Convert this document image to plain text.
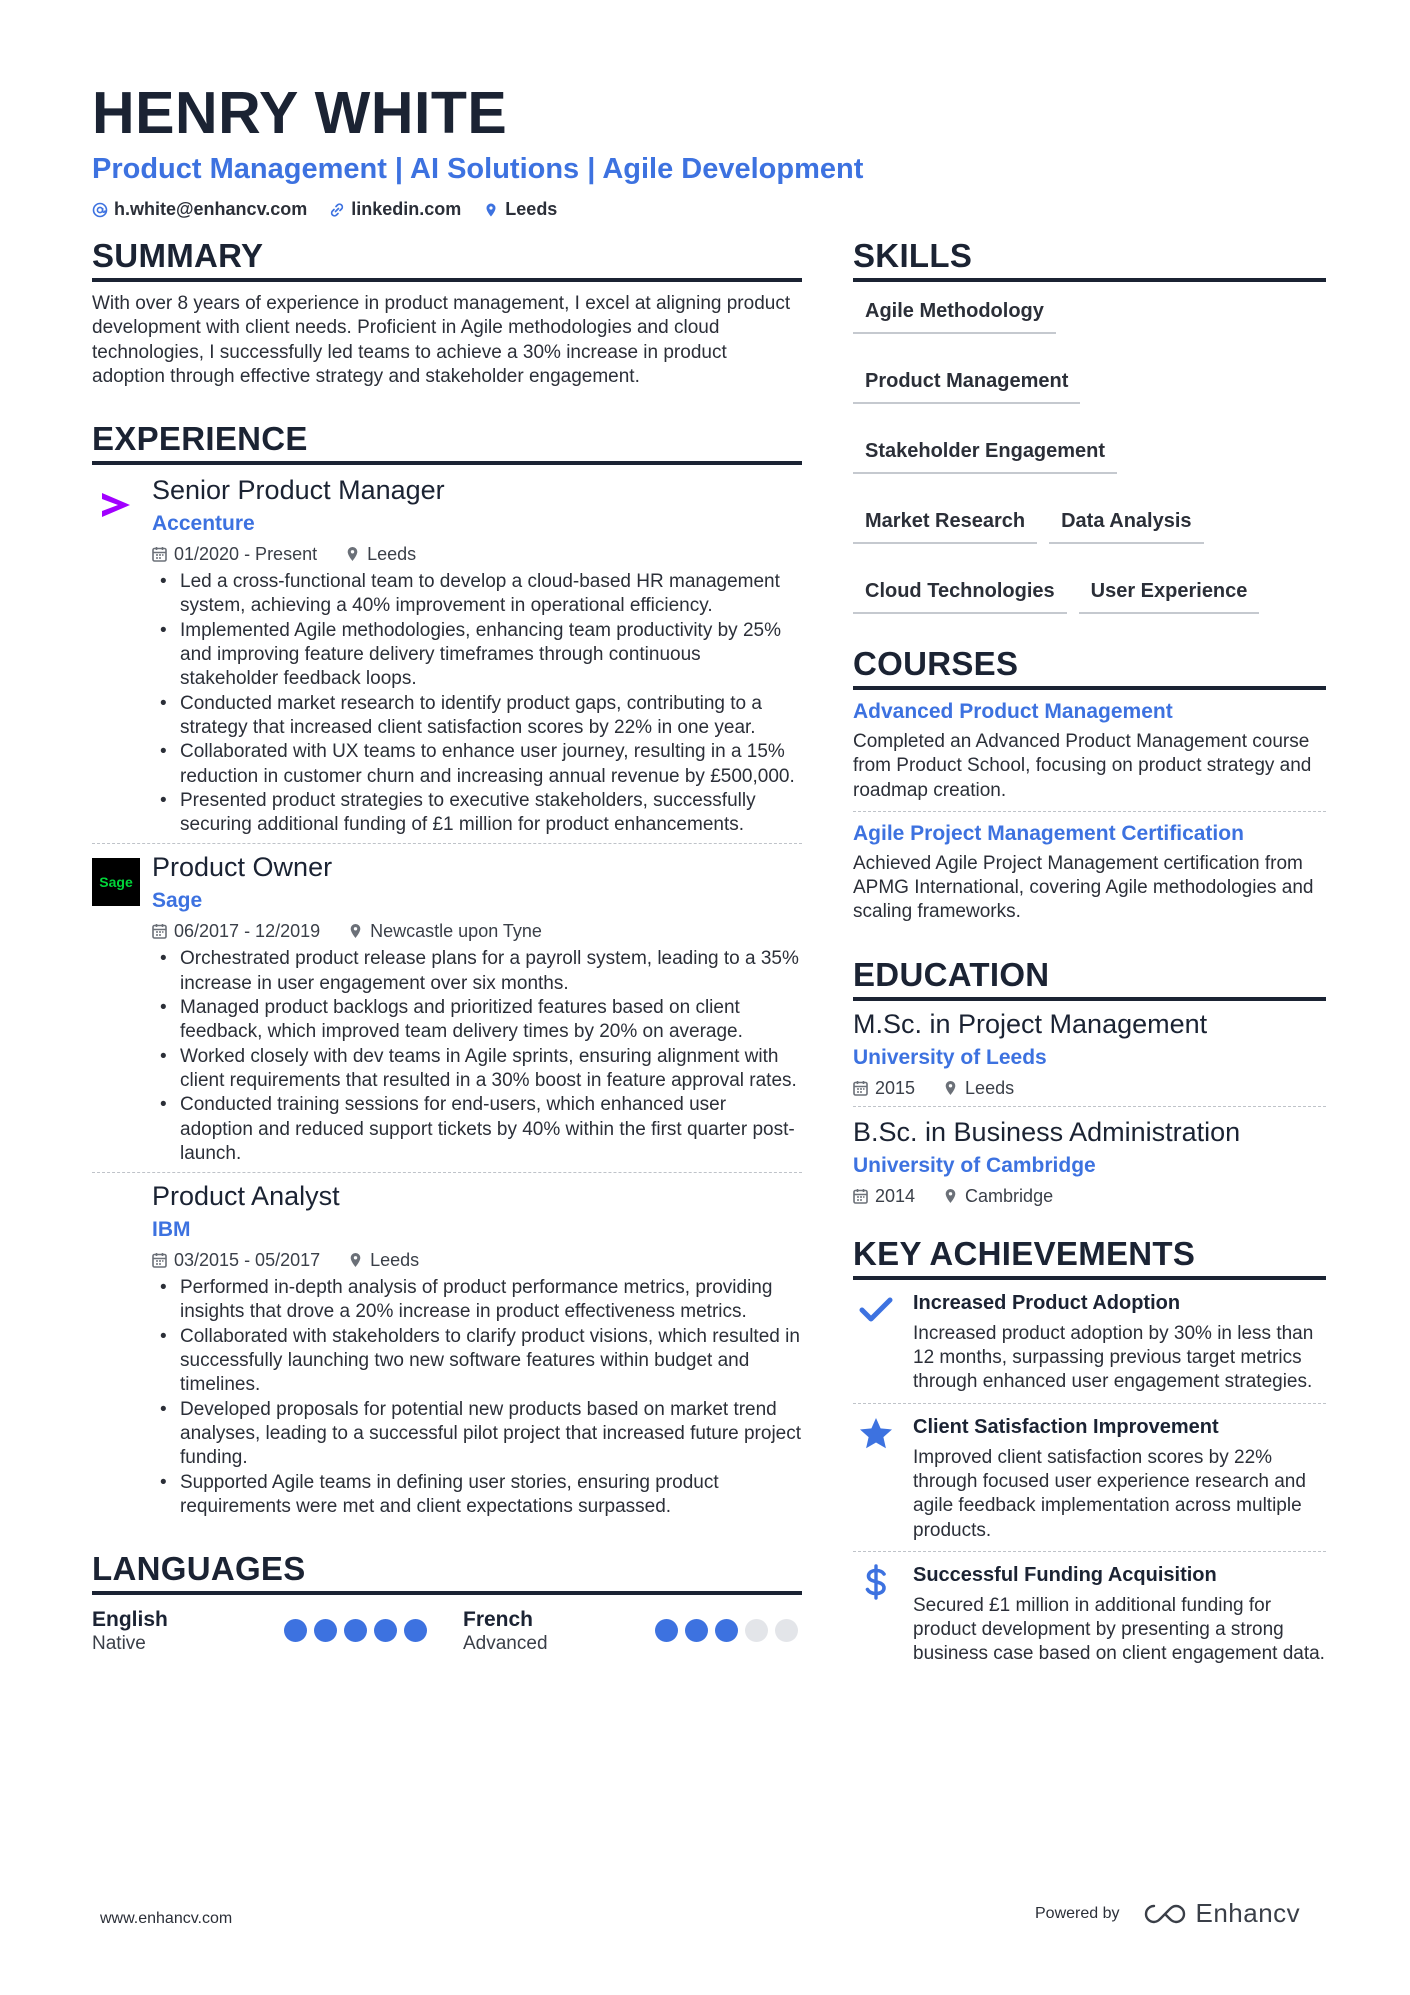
HENRY WHITE
Product Management | AI Solutions | Agile Development
h.white@enhancv.com linkedin.com Leeds
SUMMARY
With over 8 years of experience in product management, I excel at aligning product development with client needs. Proficient in Agile methodologies and cloud technologies, I successfully led teams to achieve a 30% increase in product adoption through effective strategy and stakeholder engagement.
EXPERIENCE
Senior Product Manager
Accenture
01/2020 - Present	Leeds
• Led a cross-functional team to develop a cloud-based HR management system, achieving a 40% improvement in operational efficiency.
• Implemented Agile methodologies, enhancing team productivity by 25% and improving feature delivery timeframes through continuous stakeholder feedback loops.
• Conducted market research to identify product gaps, contributing to a strategy that increased client satisfaction scores by 22% in one year.
• Collaborated with UX teams to enhance user journey, resulting in a 15% reduction in customer churn and increasing annual revenue by £500,000.
• Presented product strategies to executive stakeholders, successfully securing additional funding of £1 million for product enhancements.
Sage Product Owner
Sage
06/2017 - 12/2019	Newcastle upon Tyne
• Orchestrated product release plans for a payroll system, leading to a 35% increase in user engagement over six months.
• Managed product backlogs and prioritized features based on client feedback, which improved team delivery times by 20% on average.
• Worked closely with dev teams in Agile sprints, ensuring alignment with client requirements that resulted in a 30% boost in feature approval rates.
• Conducted training sessions for end-users, which enhanced user adoption and reduced support tickets by 40% within the first quarter post-launch.
Product Analyst
IBM
03/2015 - 05/2017	Leeds
• Performed in-depth analysis of product performance metrics, providing insights that drove a 20% increase in product effectiveness metrics.
• Collaborated with stakeholders to clarify product visions, which resulted in successfully launching two new software features within budget and timelines.
• Developed proposals for potential new products based on market trend analyses, leading to a successful pilot project that increased future project funding.
• Supported Agile teams in defining user stories, ensuring product requirements were met and client expectations surpassed.
LANGUAGES
English
Native
French
Advanced
SKILLS
Agile Methodology
Product Management
Stakeholder Engagement
Market Research	Data Analysis
Cloud Technologies	User Experience
COURSES
Advanced Product Management
Completed an Advanced Product Management course from Product School, focusing on product strategy and roadmap creation.
Agile Project Management Certification
Achieved Agile Project Management certification from APMG International, covering Agile methodologies and scaling frameworks.
EDUCATION
M.Sc. in Project Management
University of Leeds
2015	Leeds
B.Sc. in Business Administration
University of Cambridge
2014	Cambridge
KEY ACHIEVEMENTS
Increased Product Adoption
Increased product adoption by 30% in less than 12 months, surpassing previous target metrics through enhanced user engagement strategies.
Client Satisfaction Improvement
Improved client satisfaction scores by 22% through focused user experience research and agile feedback implementation across multiple products.
Successful Funding Acquisition
Secured £1 million in additional funding for product development by presenting a strong business case based on client engagement data.
www.enhancv.com	Powered by	Enhancv
